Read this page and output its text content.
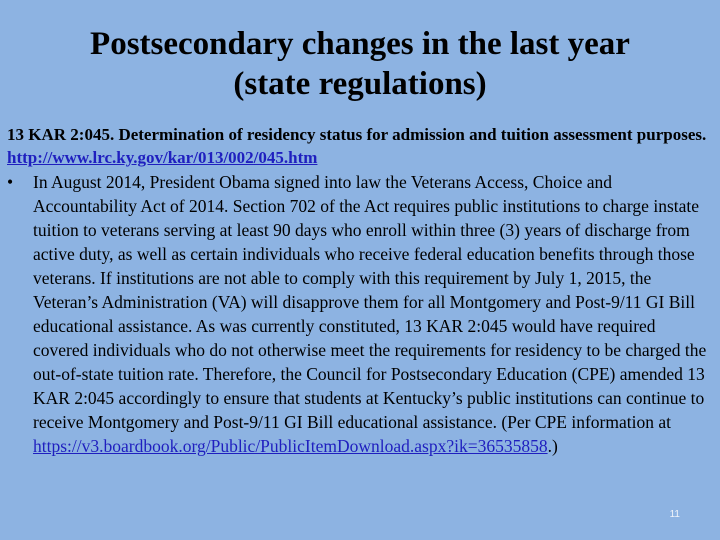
Postsecondary changes in the last year
(state regulations)

13 KAR 2:045. Determination of residency status for admission and tuition assessment purposes.

http://www.lrc.ky.gov/kar/013/002/045.htm
•	In August 2014, President Obama signed into law the Veterans Access, Choice and Accountability Act of 2014. Section 702 of the Act requires public institutions to charge instate tuition to veterans serving at least 90 days who enroll within three (3) years of discharge from active duty, as well as certain individuals who receive federal education benefits through those veterans. If institutions are not able to comply with this requirement by July 1, 2015, the Veteran’s Administration (VA) will disapprove them for all Montgomery and Post-9/11 GI Bill educational assistance. As was currently constituted, 13 KAR 2:045 would have required covered individuals who do not otherwise meet the requirements for residency to be charged the out-of-state tuition rate. Therefore, the Council for Postsecondary Education (CPE) amended 13 KAR 2:045 accordingly to ensure that students at Kentucky’s public institutions can continue to receive Montgomery and Post-9/11 GI Bill educational assistance. (Per CPE information at https://v3.boardbook.org/Public/PublicItemDownload.aspx?ik=36535858.)
11
